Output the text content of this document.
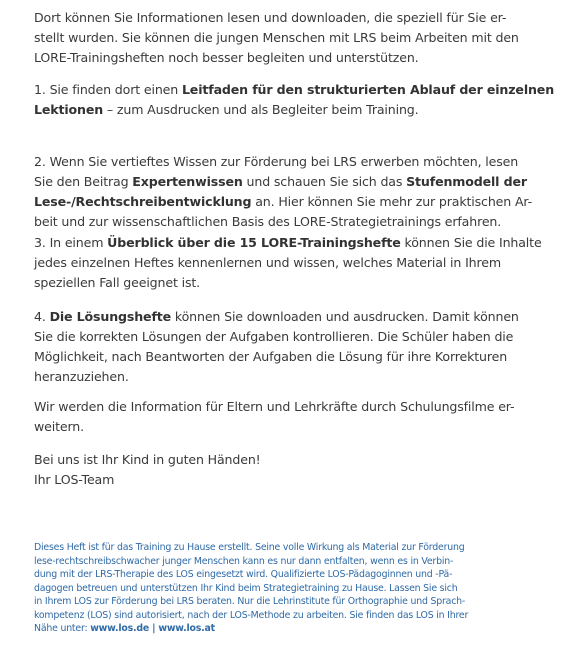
Dort können Sie Informationen lesen und downloaden, die speziell für Sie er-
stellt wurden. Sie können die jungen Menschen mit LRS beim Arbeiten mit den
LORE-Trainingsheften noch besser begleiten und unterstützen.

1. Sie finden dort einen Leitfaden für den strukturierten Ablauf der einzelnen
Lektionen – zum Ausdrucken und als Begleiter beim Training.

2. Wenn Sie vertieftes Wissen zur Förderung bei LRS erwerben möchten, lesen
Sie den Beitrag Expertenwissen und schauen Sie sich das Stufenmodell der
Lese-/Rechtschreibentwicklung an. Hier können Sie mehr zur praktischen Ar-
beit und zur wissenschaftlichen Basis des LORE-Strategietrainings erfahren.

3. In einem Überblick über die 15 LORE-Trainingshefte können Sie die Inhalte
jedes einzelnen Heftes kennenlernen und wissen, welches Material in Ihrem
speziellen Fall geeignet ist.

4. Die Lösungshefte können Sie downloaden und ausdrucken. Damit können
Sie die korrekten Lösungen der Aufgaben kontrollieren. Die Schüler haben die
Möglichkeit, nach Beantworten der Aufgaben die Lösung für ihre Korrekturen
heranzuziehen.

Wir werden die Information für Eltern und Lehrkräfte durch Schulungsfilme er-
weitern.

Bei uns ist Ihr Kind in guten Händen!
Ihr LOS-Team

Dieses Heft ist für das Training zu Hause erstellt. Seine volle Wirkung als Material zur Förderung
lese-rechtschreibschwacher junger Menschen kann es nur dann entfalten, wenn es in Verbin-
dung mit der LRS-Therapie des LOS eingesetzt wird. Qualifizierte LOS-Pädagoginnen und -Pä-
dagogen betreuen und unterstützen Ihr Kind beim Strategietraining zu Hause. Lassen Sie sich
in Ihrem LOS zur Förderung bei LRS beraten. Nur die Lehrinstitute für Orthographie und Sprach-
kompetenz (LOS) sind autorisiert, nach der LOS-Methode zu arbeiten. Sie finden das LOS in Ihrer
Nähe unter: www.los.de | www.los.at
